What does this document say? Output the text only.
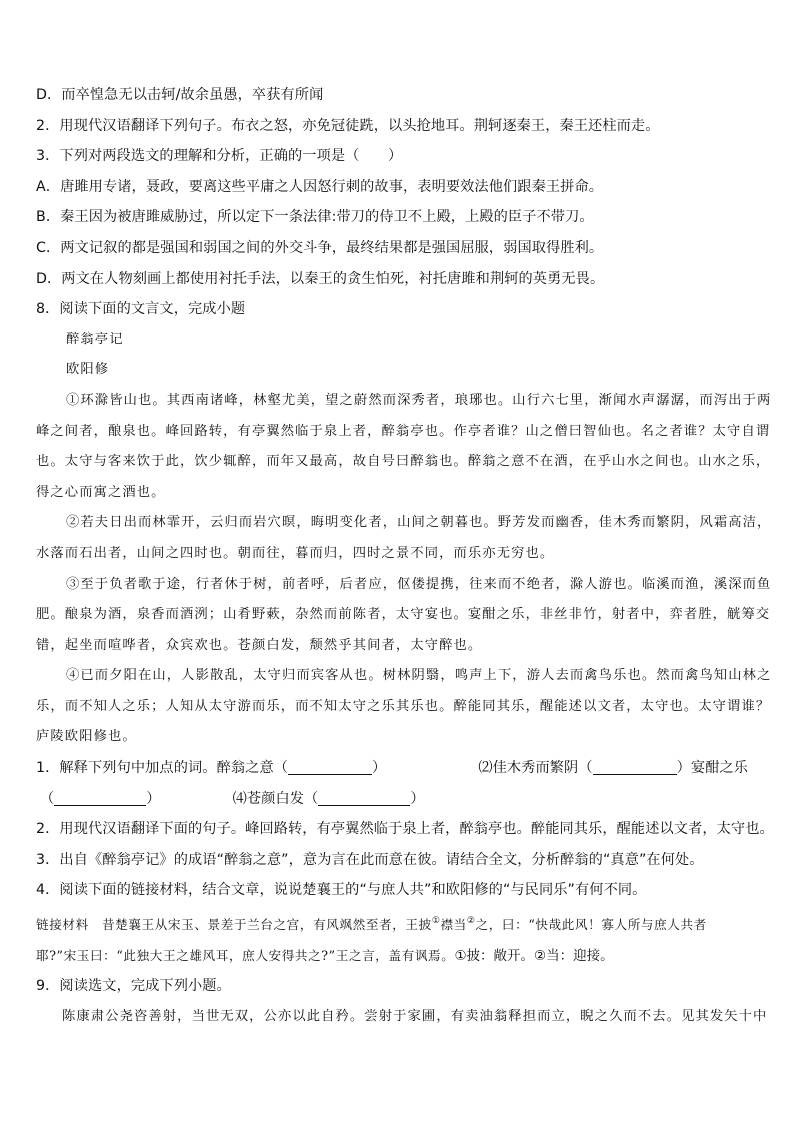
D．而卒惶急无以击轲/故余虽愚，卒获有所闻
2．用现代汉语翻译下列句子。布衣之怒，亦免冠徒跣，以头抢地耳。荆轲逐秦王，秦王还柱而走。
3．下列对两段选文的理解和分析，正确的一项是（　　）
A．唐雎用专诸，聂政，要离这些平庸之人因怒行刺的故事，表明要效法他们跟秦王拼命。
B．秦王因为被唐雎威胁过，所以定下一条法律:带刀的侍卫不上殿，上殿的臣子不带刀。
C．两文记叙的都是强国和弱国之间的外交斗争，最终结果都是强国屈服，弱国取得胜利。
D．两文在人物刻画上都使用衬托手法，以秦王的贪生怕死，衬托唐雎和荆轲的英勇无畏。
8．阅读下面的文言文，完成小题
醉翁亭记
欧阳修
①环滁皆山也。其西南诸峰，林壑尤美，望之蔚然而深秀者，琅琊也。山行六七里，渐闻水声潺潺，而泻出于两
峰之间者，酿泉也。峰回路转，有亭翼然临于泉上者，醉翁亭也。作亭者谁？山之僧曰智仙也。名之者谁？太守自谓
也。太守与客来饮于此，饮少辄醉，而年又最高，故自号曰醉翁也。醉翁之意不在酒，在乎山水之间也。山水之乐，
得之心而寓之酒也。
②若夫日出而林霏开，云归而岩穴暝，晦明变化者，山间之朝暮也。野芳发而幽香，佳木秀而繁阴，风霜高洁，
水落而石出者，山间之四时也。朝而往，暮而归，四时之景不同，而乐亦无穷也。
③至于负者歌于途，行者休于树，前者呼，后者应，伛偻提携，往来而不绝者，滁人游也。临溪而渔，溪深而鱼
肥。酿泉为酒，泉香而酒洌；山肴野蔌，杂然而前陈者，太守宴也。宴酣之乐，非丝非竹，射者中，弈者胜，觥筹交
错，起坐而喧哗者，众宾欢也。苍颜白发，颓然乎其间者，太守醉也。
④已而夕阳在山，人影散乱，太守归而宾客从也。树林阴翳，鸣声上下，游人去而禽鸟乐也。然而禽鸟知山林之
乐，而不知人之乐；人知从太守游而乐，而不知太守之乐其乐也。醉能同其乐，醒能述以文者，太守也。太守谓谁？
庐陵欧阳修也。
1．解释下列句中加点的词。醉翁之意（	）	⑵佳木秀而繁阴（	）宴酣之乐
（	）	⑷苍颜白发（	）
2．用现代汉语翻译下面的句子。峰回路转，有亭翼然临于泉上者，醉翁亭也。醉能同其乐，醒能述以文者，太守也。
3．出自《醉翁亭记》的成语“醉翁之意”，意为言在此而意在彼。请结合全文，分析醉翁的“真意”在何处。
4．阅读下面的链接材料，结合文章，说说楚襄王的“与庶人共”和欧阳修的“与民同乐”有何不同。
链接材料　昔楚襄王从宋玉、景差于兰台之宫，有风飒然至者，王披①襟当②之，曰：“快哉此风！寡人所与庶人共者
耶?”宋玉曰：“此独大王之雄风耳，庶人安得共之?”王之言，盖有讽焉。①披：敞开。②当：迎接。
9．阅读选文，完成下列小题。
陈康肃公尧咨善射，当世无双，公亦以此自矜。尝射于家圃，有卖油翁释担而立，睨之久而不去。见其发矢十中
